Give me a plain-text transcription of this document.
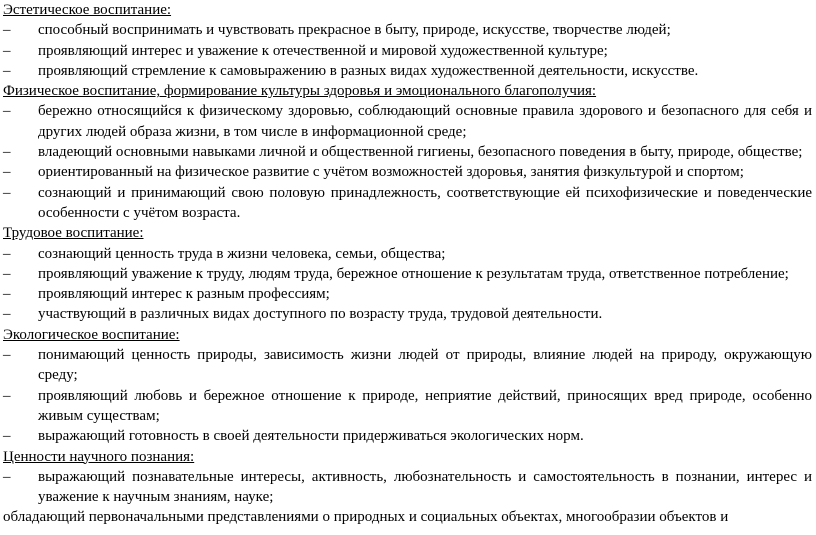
Эстетическое воспитание:
–	способный воспринимать и чувствовать прекрасное в быту, природе, искусстве, творчестве людей;
–	проявляющий интерес и уважение к отечественной и мировой художественной культуре;
–	проявляющий стремление к самовыражению в разных видах художественной деятельности, искусстве.
Физическое воспитание, формирование культуры здоровья и эмоционального благополучия:
–	бережно относящийся к физическому здоровью, соблюдающий основные правила здорового и безопасного для себя и других людей образа жизни, в том числе в информационной среде;
–	владеющий основными навыками личной и общественной гигиены, безопасного поведения в быту, природе, обществе;
–	ориентированный на физическое развитие с учётом возможностей здоровья, занятия физкультурой и спортом;
–	сознающий и принимающий свою половую принадлежность, соответствующие ей психофизические и поведенческие особенности с учётом возраста.
Трудовое воспитание:
–	сознающий ценность труда в жизни человека, семьи, общества;
–	проявляющий уважение к труду, людям труда, бережное отношение к результатам труда, ответственное потребление;
–	проявляющий интерес к разным профессиям;
–	участвующий в различных видах доступного по возрасту труда, трудовой деятельности.
Экологическое воспитание:
–	понимающий ценность природы, зависимость жизни людей от природы, влияние людей на природу, окружающую среду;
–	проявляющий любовь и бережное отношение к природе, неприятие действий, приносящих вред природе, особенно живым существам;
–	выражающий готовность в своей деятельности придерживаться экологических норм.
Ценности научного познания:
–	выражающий познавательные интересы, активность, любознательность и самостоятельность в познании, интерес и уважение к научным знаниям, науке;
обладающий первоначальными представлениями о природных и социальных объектах, многообразии объектов и
